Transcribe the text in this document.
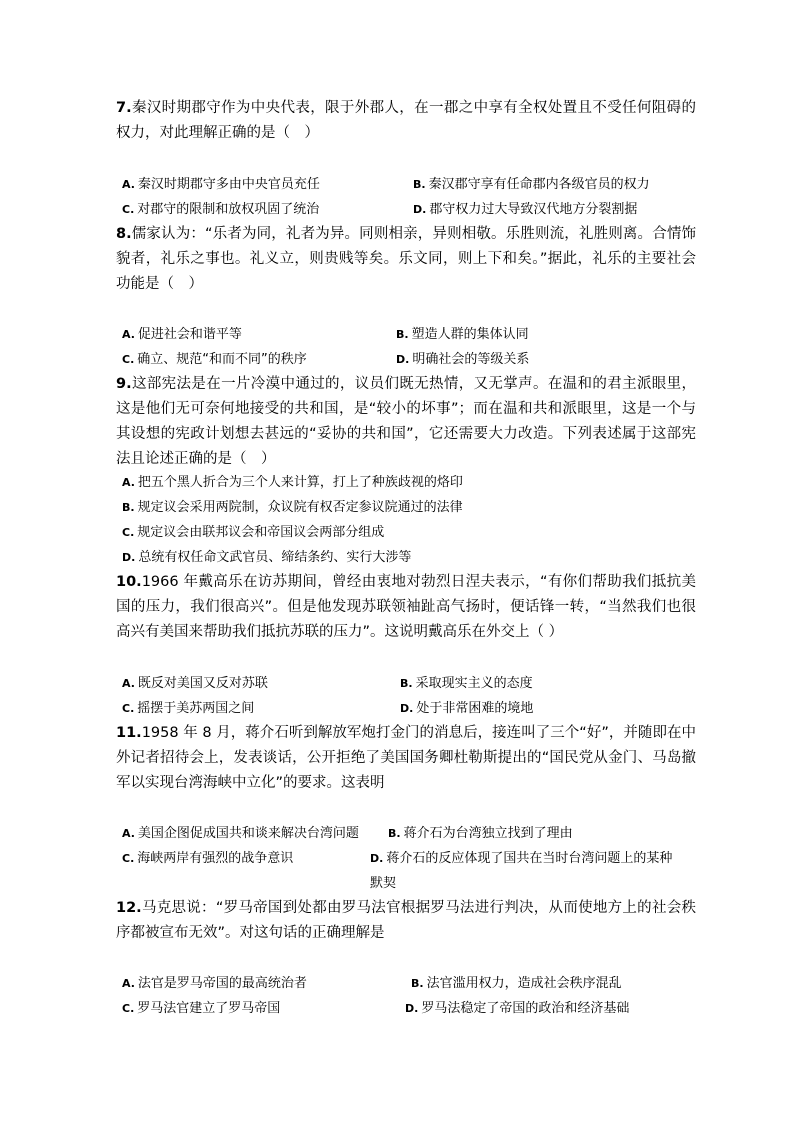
7.秦汉时期郡守作为中央代表，限于外郡人，在一郡之中享有全权处置且不受任何阻碍的权力，对此理解正确的是（　）

A. 秦汉时期郡守多由中央官员充任	B. 秦汉郡守享有任命郡内各级官员的权力
C. 对郡守的限制和放权巩固了统治	D. 郡守权力过大导致汉代地方分裂割据

8.儒家认为：“乐者为同，礼者为异。同则相亲，异则相敬。乐胜则流，礼胜则离。合情饰貌者，礼乐之事也。礼义立，则贵贱等矣。乐文同，则上下和矣。”据此，礼乐的主要社会功能是（　）

A. 促进社会和谐平等	B. 塑造人群的集体认同
C. 确立、规范“和而不同”的秩序	D. 明确社会的等级关系

9.这部宪法是在一片冷漠中通过的，议员们既无热情，又无掌声。在温和的君主派眼里，这是他们无可奈何地接受的共和国，是“较小的坏事”；而在温和共和派眼里，这是一个与其设想的宪政计划想去甚远的“妥协的共和国”，它还需要大力改造。下列表述属于这部宪法且论述正确的是（　）

A. 把五个黑人折合为三个人来计算，打上了种族歧视的烙印
B. 规定议会采用两院制，众议院有权否定参议院通过的法律
C. 规定议会由联邦议会和帝国议会两部分组成
D. 总统有权任命文武官员、缔结条约、实行大涉等

10.1966 年戴高乐在访苏期间，曾经由衷地对勃烈日涅夫表示，“有你们帮助我们抵抗美国的压力，我们很高兴”。但是他发现苏联领袖趾高气扬时，便话锋一转，“当然我们也很高兴有美国来帮助我们抵抗苏联的压力”。这说明戴高乐在外交上（ ）

A. 既反对美国又反对苏联	B. 采取现实主义的态度
C. 摇摆于美苏两国之间	D. 处于非常困难的境地

11.1958 年 8 月，蒋介石听到解放军炮打金门的消息后，接连叫了三个“好”，并随即在中外记者招待会上，发表谈话，公开拒绝了美国国务卿杜勒斯提出的“国民党从金门、马岛撤军以实现台湾海峡中立化”的要求。这表明

A. 美国企图促成国共和谈来解决台湾问题	B. 蒋介石为台湾独立找到了理由
C. 海峡两岸有强烈的战争意识	D. 蒋介石的反应体现了国共在当时台湾问题上的某种默契

12.马克思说：“罗马帝国到处都由罗马法官根据罗马法进行判决，从而使地方上的社会秩序都被宣布无效”。对这句话的正确理解是

A. 法官是罗马帝国的最高统治者	B. 法官滥用权力，造成社会秩序混乱
C. 罗马法官建立了罗马帝国	D. 罗马法稳定了帝国的政治和经济基础
